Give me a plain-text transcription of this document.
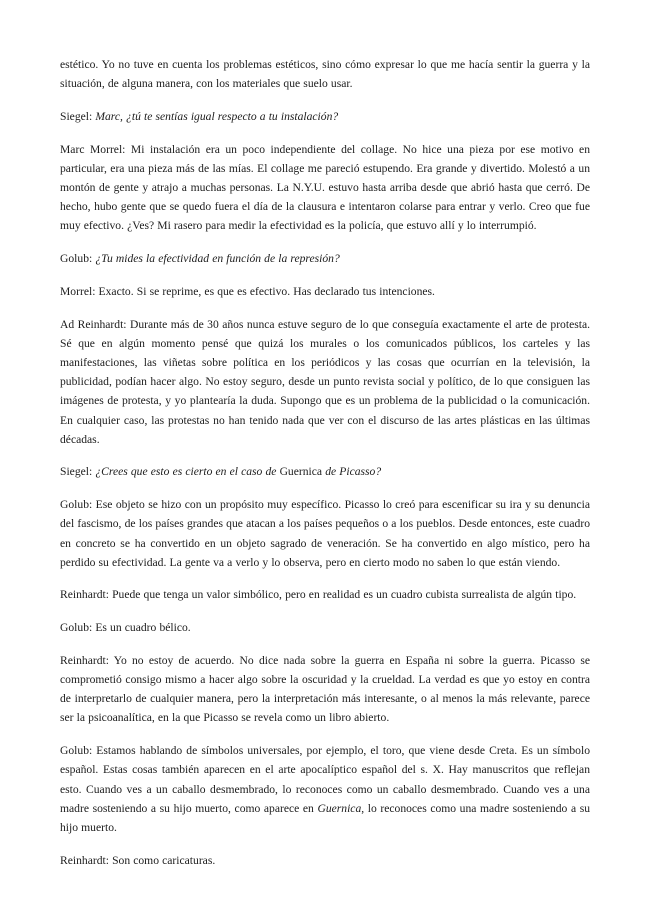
estético. Yo no tuve en cuenta los problemas estéticos, sino cómo expresar lo que me hacía sentir la guerra y la situación, de alguna manera, con los materiales que suelo usar.

Siegel: Marc, ¿tú te sentías igual respecto a tu instalación?

Marc Morrel: Mi instalación era un poco independiente del collage. No hice una pieza por ese motivo en particular, era una pieza más de las mías. El collage me pareció estupendo. Era grande y divertido. Molestó a un montón de gente y atrajo a muchas personas. La N.Y.U. estuvo hasta arriba desde que abrió hasta que cerró. De hecho, hubo gente que se quedo fuera el día de la clausura e intentaron colarse para entrar y verlo. Creo que fue muy efectivo. ¿Ves? Mi rasero para medir la efectividad es la policía, que estuvo allí y lo interrumpió.

Golub: ¿Tu mides la efectividad en función de la represión?

Morrel: Exacto. Si se reprime, es que es efectivo. Has declarado tus intenciones.

Ad Reinhardt: Durante más de 30 años nunca estuve seguro de lo que conseguía exactamente el arte de protesta. Sé que en algún momento pensé que quizá los murales o los comunicados públicos, los carteles y las manifestaciones, las viñetas sobre política en los periódicos y las cosas que ocurrían en la televisión, la publicidad, podían hacer algo. No estoy seguro, desde un punto revista social y político, de lo que consiguen las imágenes de protesta, y yo plantearía la duda. Supongo que es un problema de la publicidad o la comunicación. En cualquier caso, las protestas no han tenido nada que ver con el discurso de las artes plásticas en las últimas décadas.

Siegel: ¿Crees que esto es cierto en el caso de Guernica de Picasso?

Golub: Ese objeto se hizo con un propósito muy específico. Picasso lo creó para escenificar su ira y su denuncia del fascismo, de los países grandes que atacan a los países pequeños o a los pueblos. Desde entonces, este cuadro en concreto se ha convertido en un objeto sagrado de veneración. Se ha convertido en algo místico, pero ha perdido su efectividad. La gente va a verlo y lo observa, pero en cierto modo no saben lo que están viendo.

Reinhardt: Puede que tenga un valor simbólico, pero en realidad es un cuadro cubista surrealista de algún tipo.

Golub: Es un cuadro bélico.

Reinhardt: Yo no estoy de acuerdo. No dice nada sobre la guerra en España ni sobre la guerra. Picasso se comprometió consigo mismo a hacer algo sobre la oscuridad y la crueldad. La verdad es que yo estoy en contra de interpretarlo de cualquier manera, pero la interpretación más interesante, o al menos la más relevante, parece ser la psicoanalítica, en la que Picasso se revela como un libro abierto.

Golub: Estamos hablando de símbolos universales, por ejemplo, el toro, que viene desde Creta. Es un símbolo español. Estas cosas también aparecen en el arte apocalíptico español del s. X. Hay manuscritos que reflejan esto. Cuando ves a un caballo desmembrado, lo reconoces como un caballo desmembrado. Cuando ves a una madre sosteniendo a su hijo muerto, como aparece en Guernica, lo reconoces como una madre sosteniendo a su hijo muerto.

Reinhardt: Son como caricaturas.
